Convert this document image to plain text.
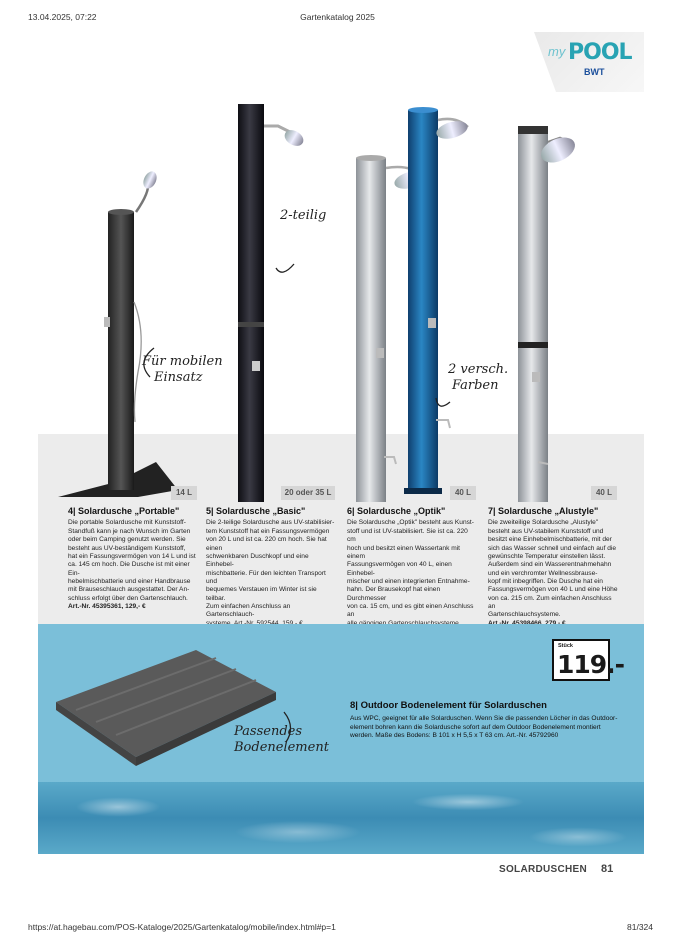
13.04.2025, 07:22	Gartenkatalog 2025
my POOL
BWT
2-teilig
Für mobilen
Einsatz
2 versch.
Farben
14 L	20 oder 35 L	40 L	40 L
4| Solardusche „Portable"

Die portable Solardusche mit Kunststoff-

Standfuß kann je nach Wunsch im Garten

oder beim Camping genutzt werden. Sie

besteht aus UV-beständigem Kunststoff,

hat ein Fassungsvermögen von 14 L und ist

ca. 145 cm hoch. Die Dusche ist mit einer Ein-

hebelmischbatterie und einer Handbrause

mit Brauseschlauch ausgestattet. Der An-

schluss erfolgt über den Gartenschlauch.

Art.-Nr. 45395361, 129,- €

5| Solardusche „Basic"

Die 2-teilige Solardusche aus UV-stabilisier-

tem Kunststoff hat ein Fassungsvermögen

von 20 L und ist ca. 220 cm hoch. Sie hat einen

schwenkbaren Duschkopf und eine Einhebel-

mischbatterie. Für den leichten Transport und

bequemes Verstauen im Winter ist sie teilbar.

Zum einfachen Anschluss an Gartenschlauch-

6| Solardusche „Optik"

Die Solardusche „Optik" besteht aus Kunst-

stoff und ist UV-stabilisiert. Sie ist ca. 220 cm

hoch und besitzt einen Wassertank mit einem

Fassungsvermögen von 40 L, einen Einhebel-

mischer und einen integrierten Entnahme-

hahn. Der Brausekopf hat einen Durchmesser

von ca. 15 cm, und es gibt einen Anschluss an

7| Solardusche „Alustyle"

Die zweiteilige Solardusche „Alustyle"

besteht aus UV-stabilem Kunststoff und

besitzt eine Einhebelmischbatterie, mit der

sich das Wasser schnell und einfach auf die

gewünschte Temperatur einstellen lässt.

Außerdem sind ein Wasserentnahmehahn

und ein verchromter Wellnessbrause-

kopf mit inbegriffen. Die Dusche hat ein

Fassungsvermögen von 40 L und eine Höhe

von ca. 215 cm. Zum einfachen Anschluss an

Gartenschlauchsysteme.

Passendes
Bodenelement
Stück
119.-
8| Outdoor Bodenelement für Solarduschen

Aus WPC, geeignet für alle Solarduschen. Wenn Sie die passenden Löcher in das Outdoor-

element bohren kann die Solardusche sofort auf dem Outdoor Bodenelement montiert

werden. Maße des Bodens: B 101 x H 5,5 x T 63 cm. Art.-Nr. 45792960

SOLARDUSCHEN 81
https://at.hagebau.com/POS-Kataloge/2025/Gartenkatalog/mobile/index.html#p=1	81/324
